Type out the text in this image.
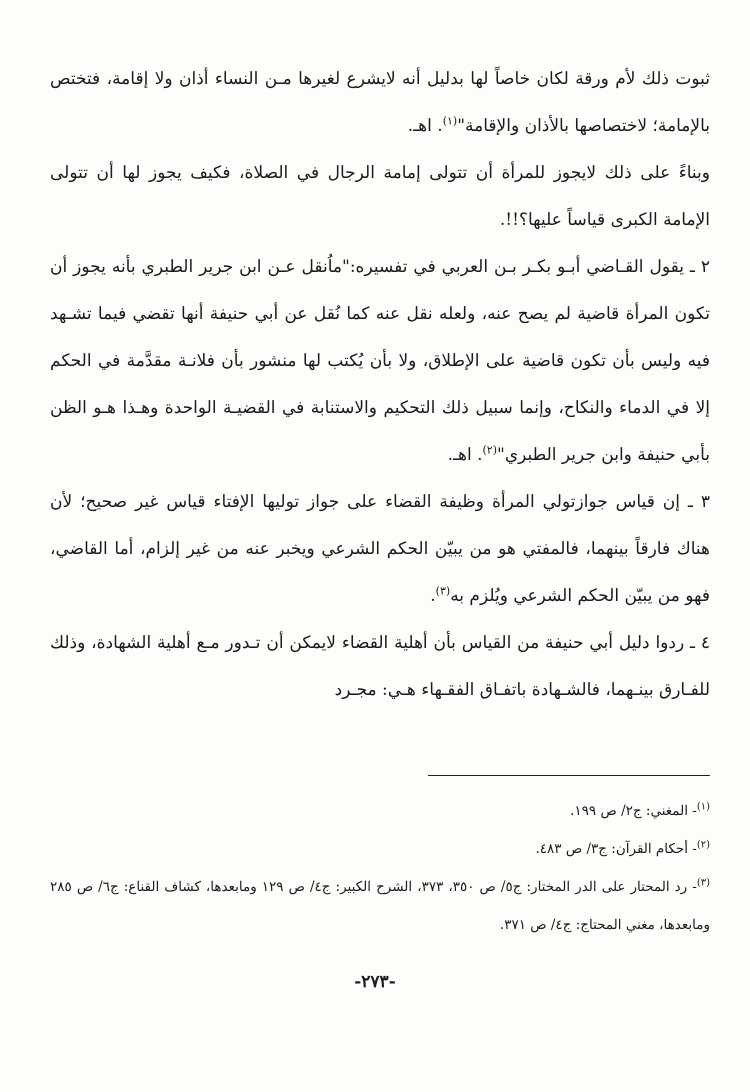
ثبوت ذلك لأم ورقة لكان خاصاً لها بدليل أنه لايشرع لغيرها مـن النساء أذان ولا إقامة، فتختص بالإمامة؛ لاختصاصها بالأذان والإقامة"$^{(١)}$. اهـ.

وبناءً على ذلك لايجوز للمرأة أن تتولى إمامة الرجال في الصلاة، فكيف يجوز لها أن تتولى الإمامة الكبرى قياساً عليها؟!!.

٢ ـ يقول القـاضي أبـو بكـر بـن العربي في تفسيره:"ماُنقل عـن ابن جرير الطبري بأنه يجوز أن تكون المرأة قاضية لم يصح عنه، ولعله نقل عنه كما نُقل عن أبي حنيفة أنها تقضي فيما تشـهد فيه وليس بأن تكون قاضية على الإطلاق، ولا بأن يُكتب لها منشور بأن فلانـة مقدَّمة في الحكم إلا في الدماء والنكاح، وإنما سبيل ذلك التحكيم والاستنابة في القضيـة الواحدة وهـذا هـو الظن بأبي حنيفة وابن جرير الطبري"$^{(٢)}$. اهـ.

٣ ـ إن قياس جوازتولي المرأة وظيفة القضاء على جواز توليها الإفتاء قياس غير صحيح؛ لأن هناك فارقاً بينهما، فالمفتي هو من يبيّن الحكم الشرعي ويخبر عنه من غير إلزام، أما القاضي، فهو من يبيّن الحكم الشرعي ويُلزم به$^{(٣)}$.

٤ ـ ردوا دليل أبي حنيفة من القياس بأن أهلية القضاء لايمكن أن تـدور مـع أهلية الشهادة، وذلك للفـارق بينـهما، فالشـهادة باتفـاق الفقـهاء هـي: مجـرد

$^{(١)}$- المغني: ج٢/ ص ١٩٩.

$^{(٢)}$- أحكام القرآن: ج٣/ ص ٤٨٣.

$^{(٣)}$- رد المحتار على الدر المختار: ج٥/ ص ٣٥٠، ٣٧٣، الشرح الكبير: ج٤/ ص ١٢٩ ومابعدها، كشاف القناع: ج٦/ ص ٢٨٥ ومابعدها، مغني المحتاج: ج٤/ ص ٣٧١.

-٢٧٣-
